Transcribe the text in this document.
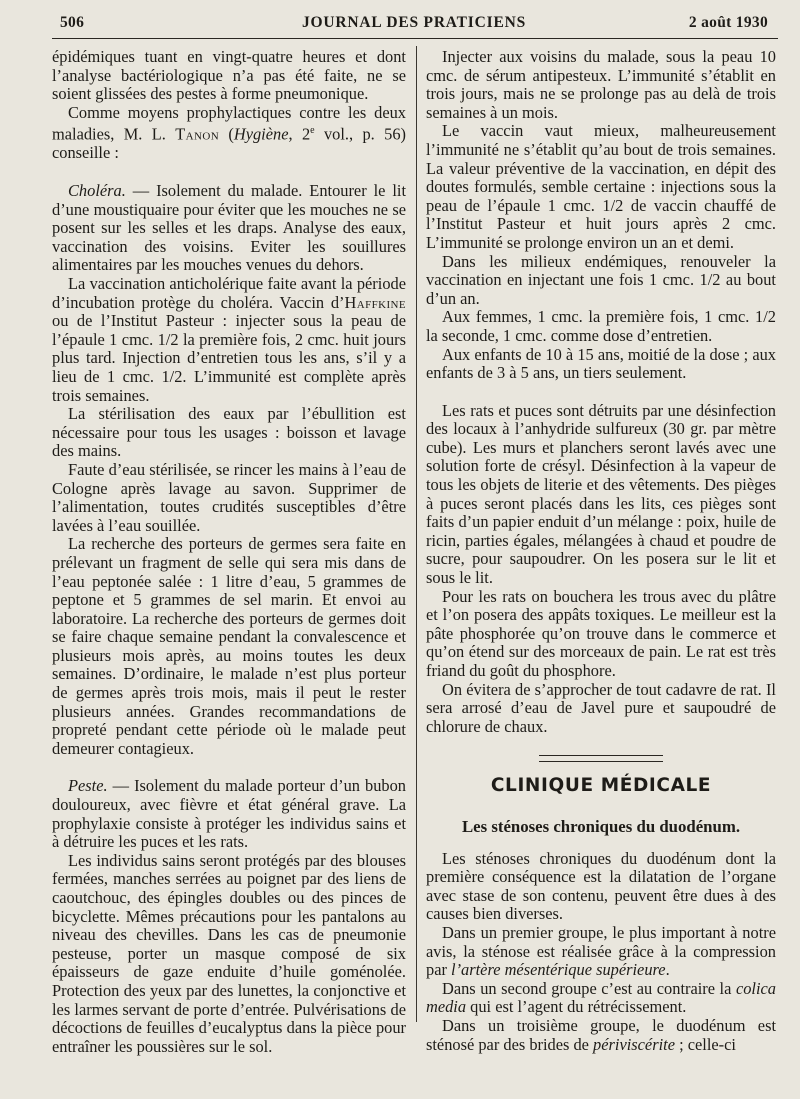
506	JOURNAL DES PRATICIENS	2 août 1930

épidémiques tuant en vingt-quatre heures et dont l’analyse bactériologique n’a pas été faite, ne se soient glissées des pestes à forme pneumonique.

Comme moyens prophylactiques contre les deux maladies, M. L. Tanon (Hygiène, 2e vol., p. 56) conseille :

Choléra. — Isolement du malade. Entourer le lit d’une moustiquaire pour éviter que les mouches ne se posent sur les selles et les draps. Analyse des eaux, vaccination des voisins. Eviter les souillures alimentaires par les mouches venues du dehors.

La vaccination anticholérique faite avant la période d’incubation protège du choléra. Vaccin d’Haffkine ou de l’Institut Pasteur : injecter sous la peau de l’épaule 1 cmc. 1/2 la première fois, 2 cmc. huit jours plus tard. Injection d’entretien tous les ans, s’il y a lieu de 1 cmc. 1/2. L’immunité est complète après trois semaines.

La stérilisation des eaux par l’ébullition est nécessaire pour tous les usages : boisson et lavage des mains.

Faute d’eau stérilisée, se rincer les mains à l’eau de Cologne après lavage au savon. Supprimer de l’alimentation, toutes crudités susceptibles d’être lavées à l’eau souillée.

La recherche des porteurs de germes sera faite en prélevant un fragment de selle qui sera mis dans de l’eau peptonée salée : 1 litre d’eau, 5 grammes de peptone et 5 grammes de sel marin. Et envoi au laboratoire. La recherche des porteurs de germes doit se faire chaque semaine pendant la convalescence et plusieurs mois après, au moins toutes les deux semaines. D’ordinaire, le malade n’est plus porteur de germes après trois mois, mais il peut le rester plusieurs années. Grandes recommandations de propreté pendant cette période où le malade peut demeurer contagieux.

Peste. — Isolement du malade porteur d’un bubon douloureux, avec fièvre et état général grave. La prophylaxie consiste à protéger les individus sains et à détruire les puces et les rats.

Les individus sains seront protégés par des blouses fermées, manches serrées au poignet par des liens de caoutchouc, des épingles doubles ou des pinces de bicyclette. Mêmes précautions pour les pantalons au niveau des chevilles. Dans les cas de pneumonie pesteuse, porter un masque composé de six épaisseurs de gaze enduite d’huile goménolée. Protection des yeux par des lunettes, la conjonctive et les larmes servant de porte d’entrée. Pulvérisations de décoctions de feuilles d’eucalyptus dans la pièce pour entraîner les poussières sur le sol.

Injecter aux voisins du malade, sous la peau 10 cmc. de sérum antipesteux. L’immunité s’établit en trois jours, mais ne se prolonge pas au delà de trois semaines à un mois.

Le vaccin vaut mieux, malheureusement l’immunité ne s’établit qu’au bout de trois semaines. La valeur préventive de la vaccination, en dépit des doutes formulés, semble certaine : injections sous la peau de l’épaule 1 cmc. 1/2 de vaccin chauffé de l’Institut Pasteur et huit jours après 2 cmc. L’immunité se prolonge environ un an et demi.

Dans les milieux endémiques, renouveler la vaccination en injectant une fois 1 cmc. 1/2 au bout d’un an.

Aux femmes, 1 cmc. la première fois, 1 cmc. 1/2 la seconde, 1 cmc. comme dose d’entretien.

Aux enfants de 10 à 15 ans, moitié de la dose ; aux enfants de 3 à 5 ans, un tiers seulement.

Les rats et puces sont détruits par une désinfection des locaux à l’anhydride sulfureux (30 gr. par mètre cube). Les murs et planchers seront lavés avec une solution forte de crésyl. Désinfection à la vapeur de tous les objets de literie et des vêtements. Des pièges à puces seront placés dans les lits, ces pièges sont faits d’un papier enduit d’un mélange : poix, huile de ricin, parties égales, mélangées à chaud et poudre de sucre, pour saupoudrer. On les posera sur le lit et sous le lit.

Pour les rats on bouchera les trous avec du plâtre et l’on posera des appâts toxiques. Le meilleur est la pâte phosphorée qu’on trouve dans le commerce et qu’on étend sur des morceaux de pain. Le rat est très friand du goût du phosphore.

On évitera de s’approcher de tout cadavre de rat. Il sera arrosé d’eau de Javel pure et saupoudré de chlorure de chaux.

CLINIQUE MÉDICALE
Les sténoses chroniques du duodénum.

Les sténoses chroniques du duodénum dont la première conséquence est la dilatation de l’organe avec stase de son contenu, peuvent être dues à des causes bien diverses.

Dans un premier groupe, le plus important à notre avis, la sténose est réalisée grâce à la compression par l’artère mésentérique supérieure.

Dans un second groupe c’est au contraire la colica media qui est l’agent du rétrécissement.

Dans un troisième groupe, le duodénum est sténosé par des brides de périviscérite ; celle-ci
